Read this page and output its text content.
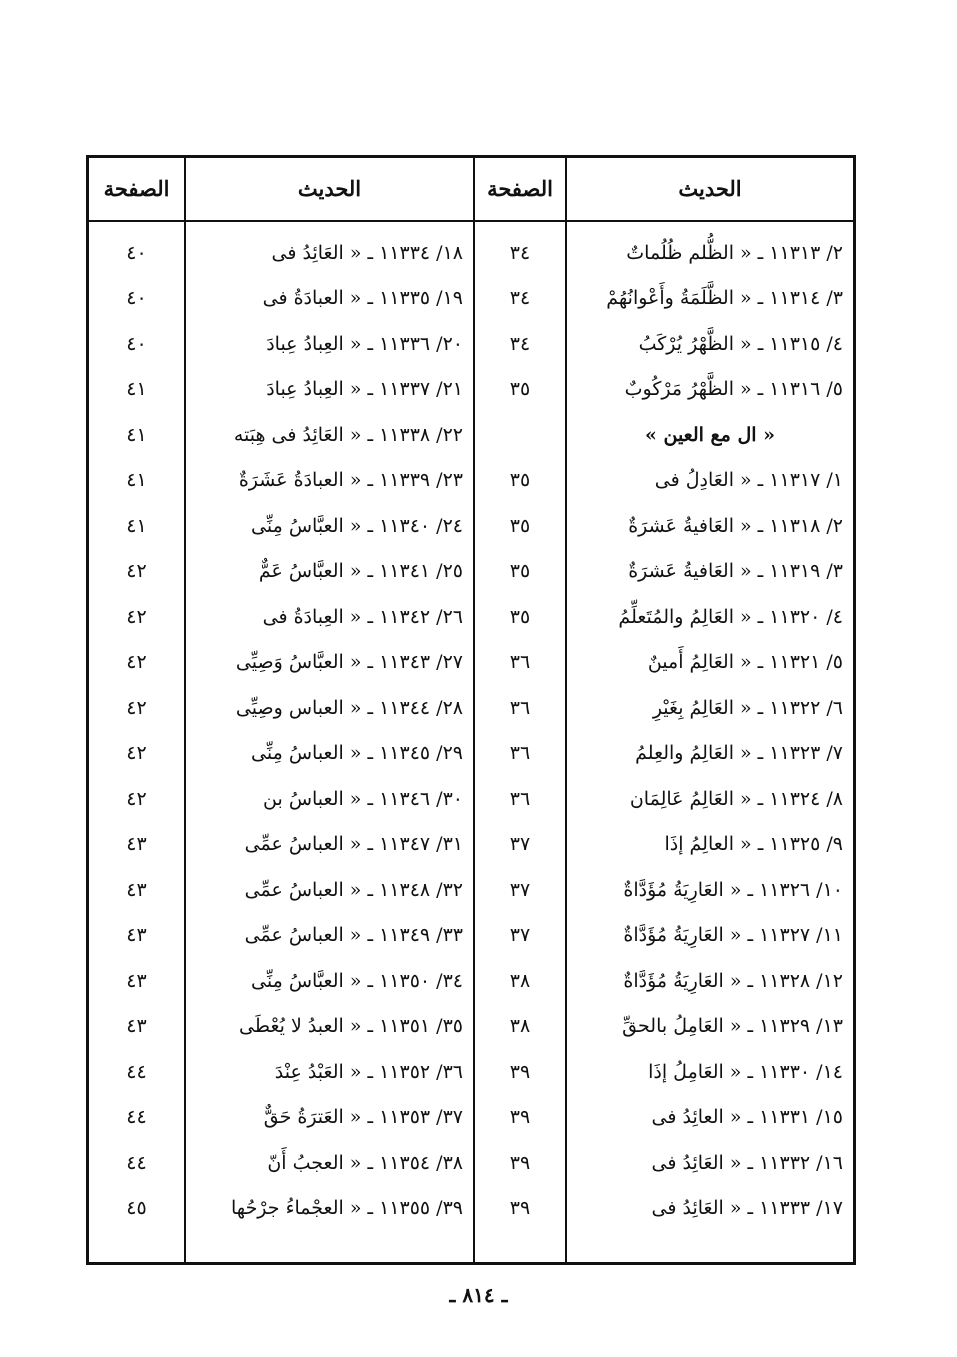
الحديث
الصفحة
الحديث
الصفحة
٢/ ١١٣١٣ ـ « الظُّلم ظُلُماتٌ
٣/ ١١٣١٤ ـ « الظَّلَمَةُ وأَعْوانُهُمْ
٤/ ١١٣١٥ ـ « الظَّهْرُ يُرْكَبُ
٥/ ١١٣١٦ ـ « الظَّهْرُ مَرْكُوبٌ
« ال مع العين »
١/ ١١٣١٧ ـ « العَادِلُ فى
٢/ ١١٣١٨ ـ « العَافيةُ عَشرَةٌ
٣/ ١١٣١٩ ـ « العَافيةُ عَشرَةٌ
٤/ ١١٣٢٠ ـ « العَالِمُ والمُتَعلِّمُ
٥/ ١١٣٢١ ـ « العَالِمُ أَمينٌ
٦/ ١١٣٢٢ ـ « العَالِمُ بِغَيْرِ
٧/ ١١٣٢٣ ـ « العَالِمُ والعِلمُ
٨/ ١١٣٢٤ ـ « العَالِمُ عَالِمَان
٩/ ١١٣٢٥ ـ « العالِمُ إذَا
١٠/ ١١٣٢٦ ـ « العَارِيَةُ مُؤَدَّاةٌ
١١/ ١١٣٢٧ ـ « العَارِيَةُ مُؤَدَّاةٌ
١٢/ ١١٣٢٨ ـ « العَارِيَةُ مُؤَدَّاةٌ
١٣/ ١١٣٢٩ ـ « العَامِلُ بالحقِّ
١٤/ ١١٣٣٠ ـ « العَامِلُ إذَا
١٥/ ١١٣٣١ ـ « العائِدُ فى
١٦/ ١١٣٣٢ ـ « العَائِدُ فى
١٧/ ١١٣٣٣ ـ « العَائِدُ فى
٣٤
٣٤
٣٤
٣٥
٣٥
٣٥
٣٥
٣٥
٣٦
٣٦
٣٦
٣٦
٣٧
٣٧
٣٧
٣٨
٣٨
٣٩
٣٩
٣٩
٣٩
١٨/ ١١٣٣٤ ـ « العَائِدُ فى
١٩/ ١١٣٣٥ ـ « العبادَةُ فى
٢٠/ ١١٣٣٦ ـ « العِبادُ عِبادَ
٢١/ ١١٣٣٧ ـ « العِبادُ عِبادَ
٢٢/ ١١٣٣٨ ـ « العَائِدُ فى هِبَته
٢٣/ ١١٣٣٩ ـ « العبادَةُ عَشَرَةٌ
٢٤/ ١١٣٤٠ ـ « العبَّاسُ مِنِّى
٢٥/ ١١٣٤١ ـ « العبَّاسُ عَمٌّ
٢٦/ ١١٣٤٢ ـ « العِبادَةُ فى
٢٧/ ١١٣٤٣ ـ « العبَّاسُ وَصِيِّى
٢٨/ ١١٣٤٤ ـ « العباس وصِيِّى
٢٩/ ١١٣٤٥ ـ « العباسُ مِنِّى
٣٠/ ١١٣٤٦ ـ « العباسُ بن
٣١/ ١١٣٤٧ ـ « العباسُ عمِّى
٣٢/ ١١٣٤٨ ـ « العباسُ عمِّى
٣٣/ ١١٣٤٩ ـ « العباسُ عمِّى
٣٤/ ١١٣٥٠ ـ « العبَّاسُ مِنِّى
٣٥/ ١١٣٥١ ـ « العبدُ لا يُعْطَى
٣٦/ ١١٣٥٢ ـ « العَبْدُ عِنْدَ
٣٧/ ١١٣٥٣ ـ « العَترَةُ حَقٌّ
٣٨/ ١١٣٥٤ ـ « العجبُ أَنّ
٣٩/ ١١٣٥٥ ـ « العجْماءُ جرْحُها
٤٠
٤٠
٤٠
٤١
٤١
٤١
٤١
٤٢
٤٢
٤٢
٤٢
٤٢
٤٢
٤٣
٤٣
٤٣
٤٣
٤٣
٤٤
٤٤
٤٤
٤٥
ـ ٨١٤ ـ
